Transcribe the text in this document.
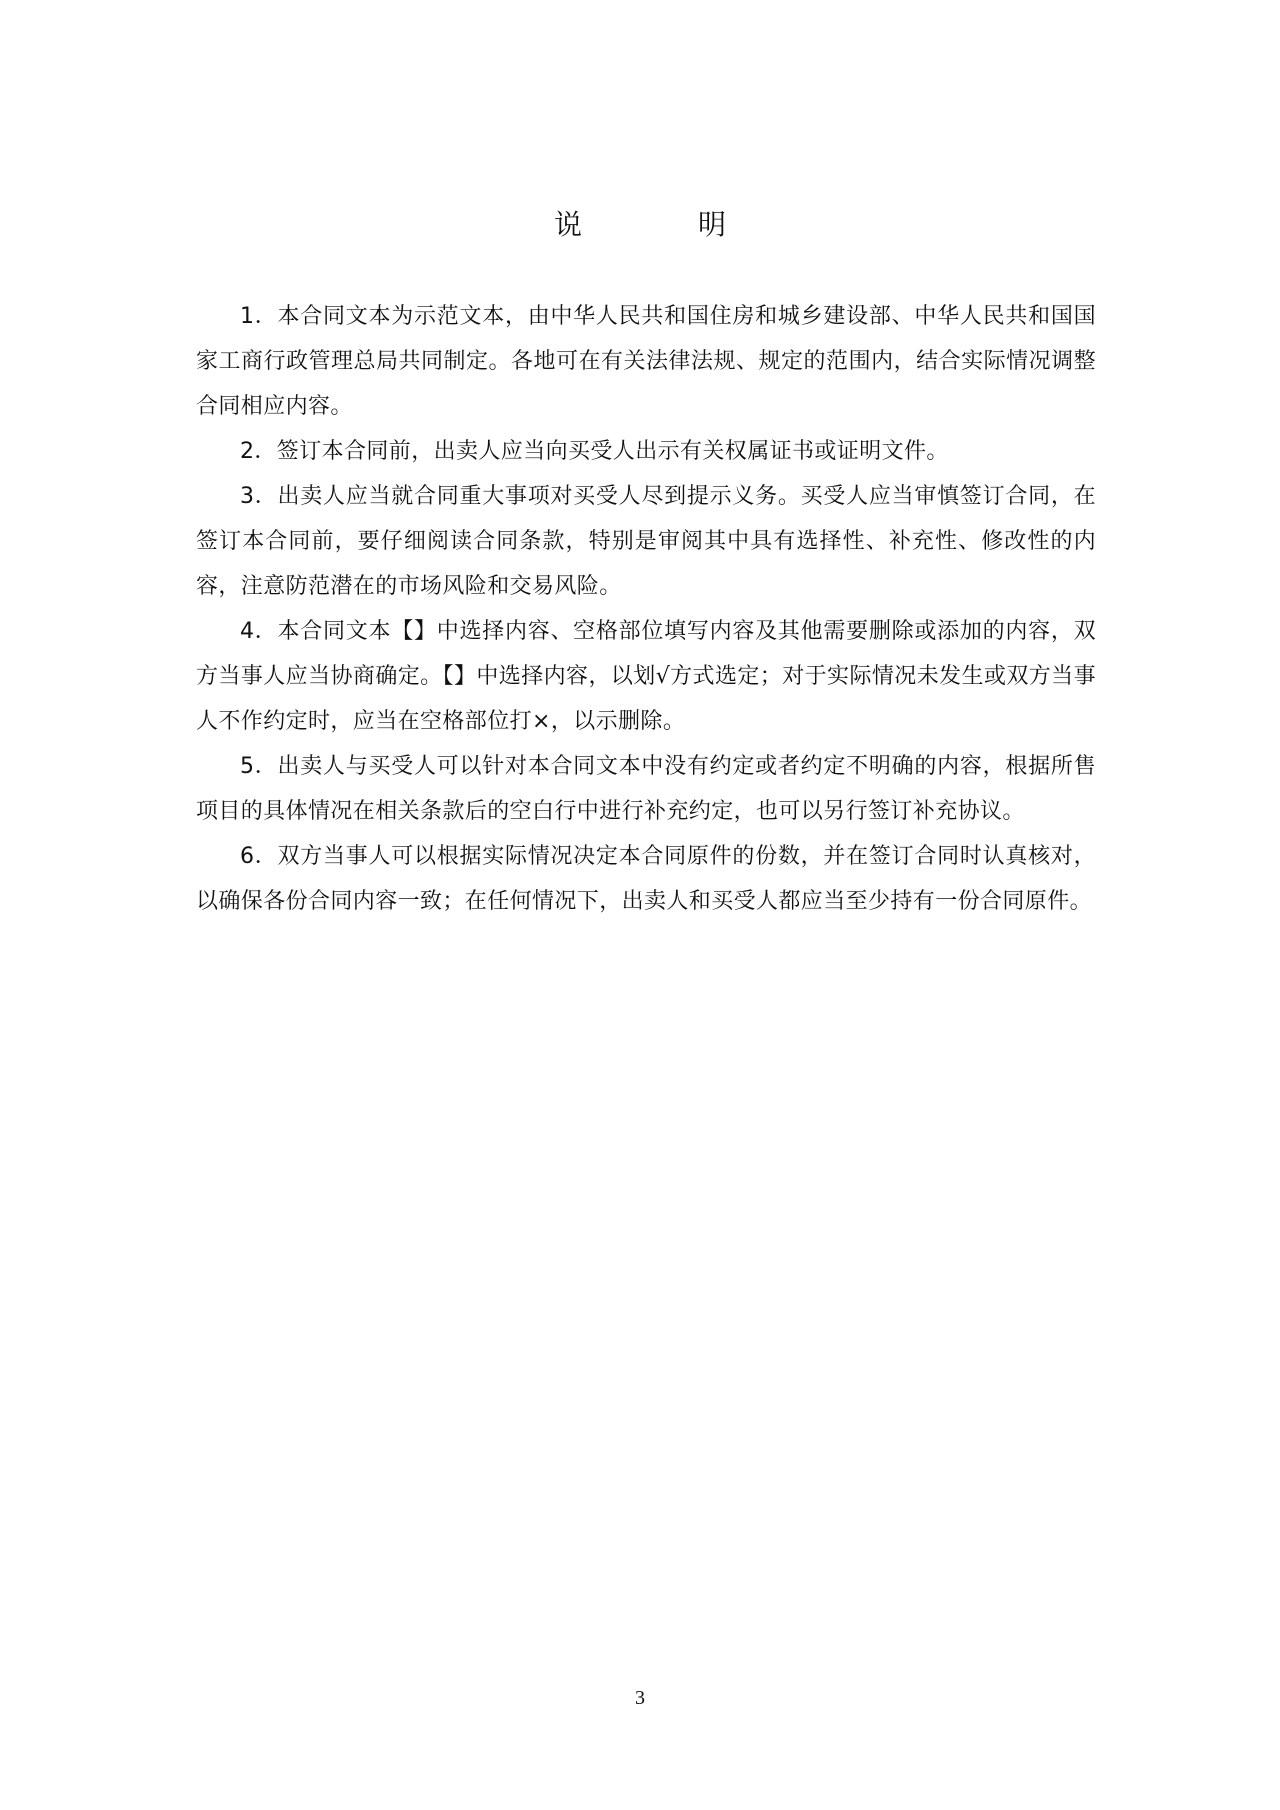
说　明

1．本合同文本为示范文本，由中华人民共和国住房和城乡建设部、中华人民共和国国家工商行政管理总局共同制定。各地可在有关法律法规、规定的范围内，结合实际情况调整合同相应内容。

2．签订本合同前，出卖人应当向买受人出示有关权属证书或证明文件。

3．出卖人应当就合同重大事项对买受人尽到提示义务。买受人应当审慎签订合同，在签订本合同前，要仔细阅读合同条款，特别是审阅其中具有选择性、补充性、修改性的内容，注意防范潜在的市场风险和交易风险。

4．本合同文本【】中选择内容、空格部位填写内容及其他需要删除或添加的内容，双方当事人应当协商确定。【】中选择内容，以划√方式选定；对于实际情况未发生或双方当事人不作约定时，应当在空格部位打×，以示删除。

5．出卖人与买受人可以针对本合同文本中没有约定或者约定不明确的内容，根据所售项目的具体情况在相关条款后的空白行中进行补充约定，也可以另行签订补充协议。

6．双方当事人可以根据实际情况决定本合同原件的份数，并在签订合同时认真核对，以确保各份合同内容一致；在任何情况下，出卖人和买受人都应当至少持有一份合同原件。

3
